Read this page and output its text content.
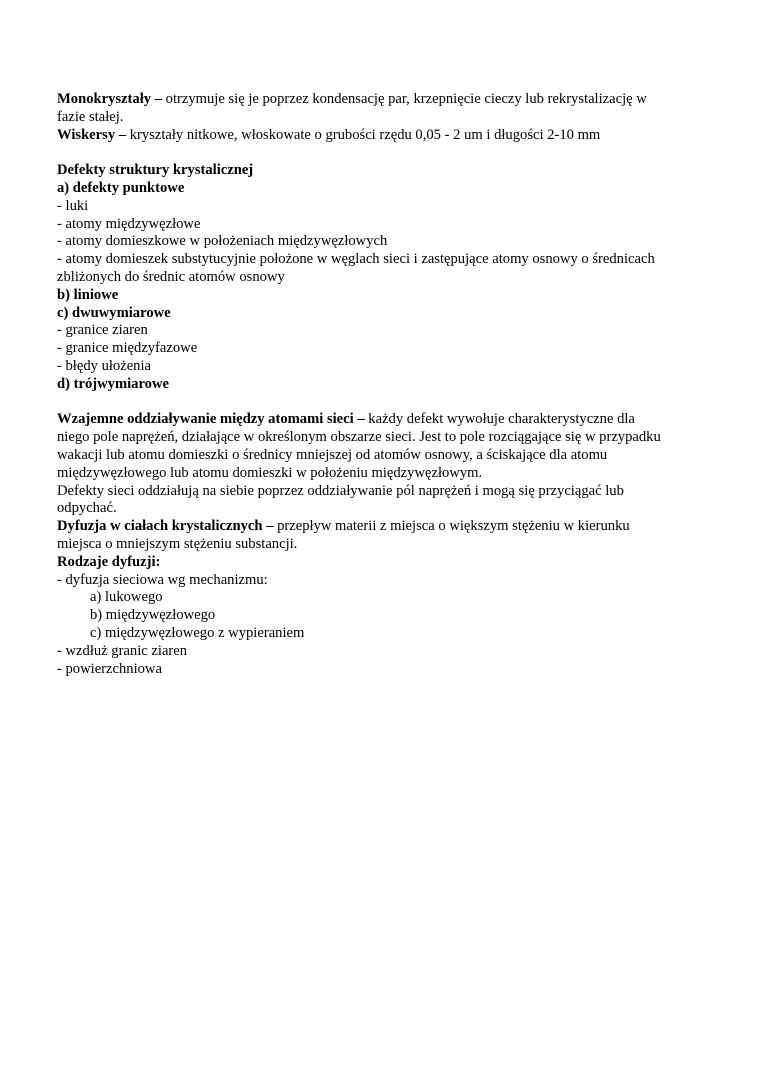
Monokryształy – otrzymuje się je poprzez kondensację par, krzepnięcie cieczy lub rekrystalizację w
fazie stałej.
Wiskersy – kryształy nitkowe, włoskowate o grubości rzędu 0,05 - 2 um i długości 2-10 mm
Defekty struktury krystalicznej
a) defekty punktowe
- luki
- atomy międzywęzłowe
- atomy domieszkowe w położeniach międzywęzłowych
- atomy domieszek substytucyjnie położone w węglach sieci i zastępujące atomy osnowy o średnicach
zbliżonych do średnic atomów osnowy
b) liniowe
c) dwuwymiarowe
- granice ziaren
- granice międzyfazowe
- błędy ułożenia
d) trójwymiarowe
Wzajemne oddziaływanie między atomami sieci – każdy defekt wywołuje charakterystyczne dla
niego pole naprężeń, działające w określonym obszarze sieci. Jest to pole rozciągające się w przypadku
wakacji lub atomu domieszki o średnicy mniejszej od atomów osnowy, a ściskające dla atomu
międzywęzłowego lub atomu domieszki w położeniu międzywęzłowym.
Defekty sieci oddziałują na siebie poprzez oddziaływanie pól naprężeń i mogą się przyciągać lub
odpychać.
Dyfuzja w ciałach krystalicznych – przepływ materii z miejsca o większym stężeniu w kierunku
miejsca o mniejszym stężeniu substancji.
Rodzaje dyfuzji:
- dyfuzja sieciowa wg mechanizmu:
a) lukowego
b) międzywęzłowego
c) międzywęzłowego z wypieraniem
- wzdłuż granic ziaren
- powierzchniowa
